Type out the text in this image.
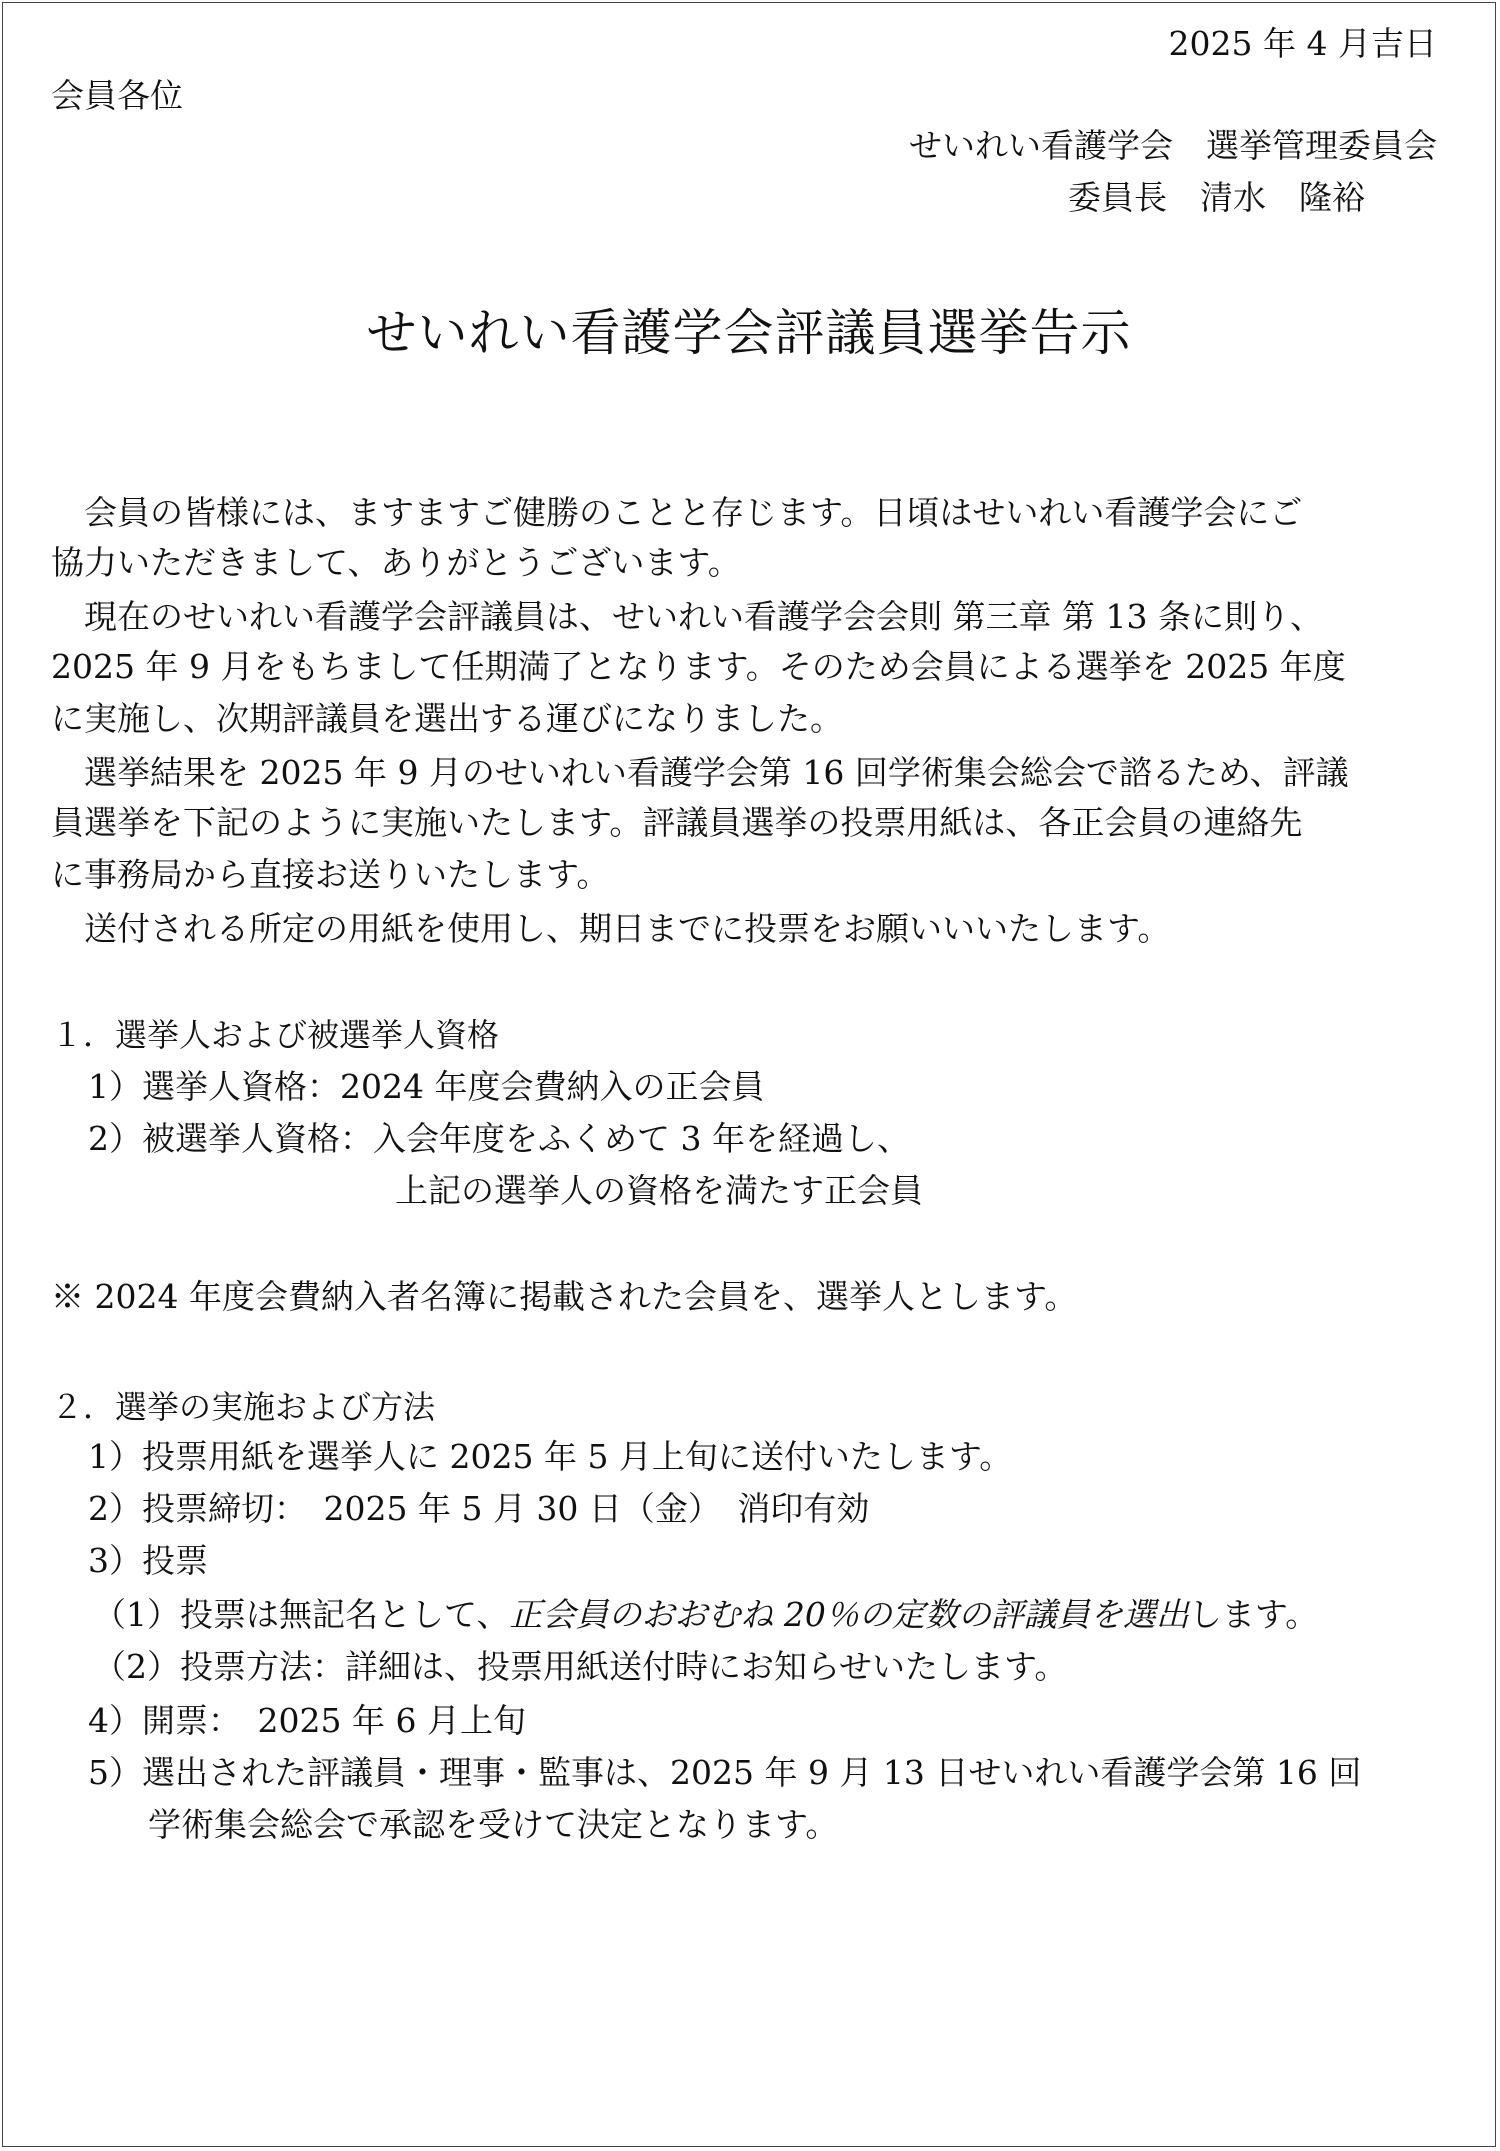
2025 年 4 月吉日
会員各位
せいれい看護学会　選挙管理委員会
委員長　清水　隆裕
せいれい看護学会評議員選挙告示
　会員の皆様には、ますますご健勝のことと存じます。日頃はせいれい看護学会にご
協力いただきまして、ありがとうございます。
　現在のせいれい看護学会評議員は、せいれい看護学会会則 第三章 第 13 条に則り、
2025 年 9 月をもちまして任期満了となります。そのため会員による選挙を 2025 年度
に実施し、次期評議員を選出する運びになりました。
　選挙結果を 2025 年 9 月のせいれい看護学会第 16 回学術集会総会で諮るため、評議
員選挙を下記のように実施いたします。評議員選挙の投票用紙は、各正会員の連絡先
に事務局から直接お送りいたします。
　送付される所定の用紙を使用し、期日までに投票をお願いいいたします。
１．選挙人および被選挙人資格
1）選挙人資格：2024 年度会費納入の正会員
2）被選挙人資格：入会年度をふくめて 3 年を経過し、
上記の選挙人の資格を満たす正会員
※ 2024 年度会費納入者名簿に掲載された会員を、選挙人とします。
２．選挙の実施および方法
1）投票用紙を選挙人に 2025 年 5 月上旬に送付いたします。
2）投票締切：　2025 年 5 月 30 日（金）　消印有効
3）投票
（1）投票は無記名として、正会員のおおむね 20％の定数の評議員を選出します。
（2）投票方法：詳細は、投票用紙送付時にお知らせいたします。
4）開票：　2025 年 6 月上旬
5）選出された評議員・理事・監事は、2025 年 9 月 13 日せいれい看護学会第 16 回
学術集会総会で承認を受けて決定となります。
